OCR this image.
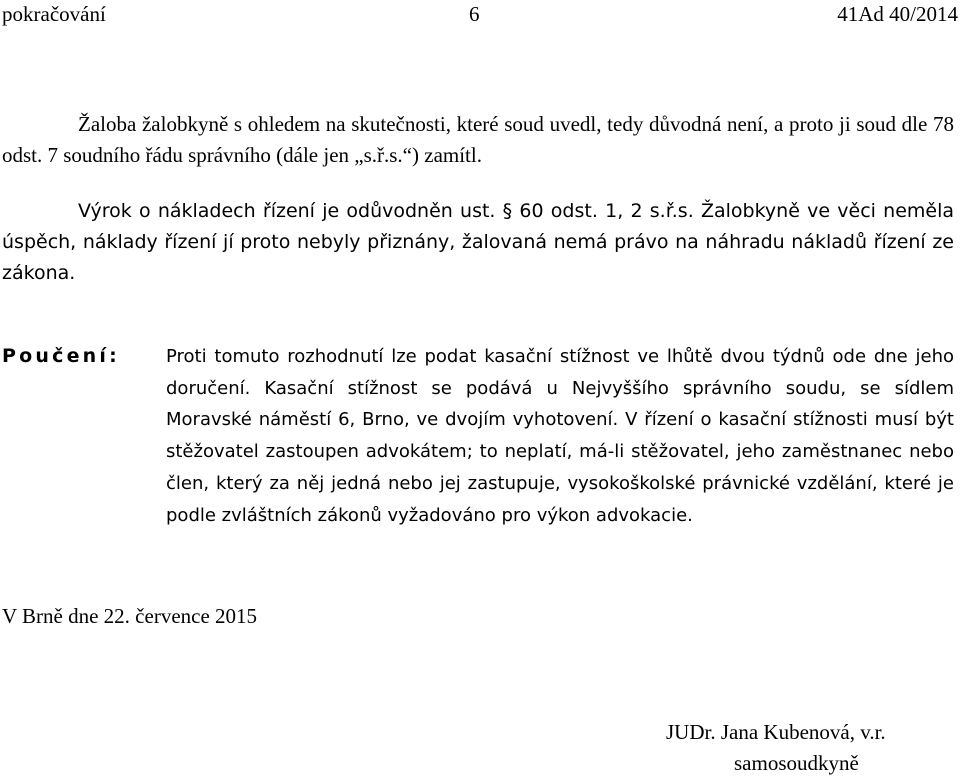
pokračování	6	41Ad 40/2014

Žaloba žalobkyně s ohledem na skutečnosti, které soud uvedl, tedy důvodná není, a proto ji soud dle 78 odst. 7 soudního řádu správního (dále jen „s.ř.s.“) zamítl.

Výrok o nákladech řízení je odůvodněn ust. § 60 odst. 1, 2 s.ř.s. Žalobkyně ve věci neměla úspěch, náklady řízení jí proto nebyly přiznány, žalovaná nemá právo na náhradu nákladů řízení ze zákona.

Poučení:	Proti tomuto rozhodnutí lze podat kasační stížnost ve lhůtě dvou týdnů ode dne jeho doručení. Kasační stížnost se podává u Nejvyššího správního soudu, se sídlem Moravské náměstí 6, Brno, ve dvojím vyhotovení. V řízení o kasační stížnosti musí být stěžovatel zastoupen advokátem; to neplatí, má-li stěžovatel, jeho zaměstnanec nebo člen, který za něj jedná nebo jej zastupuje, vysokoškolské právnické vzdělání, které je podle zvláštních zákonů vyžadováno pro výkon advokacie.

V Brně dne 22. července 2015

JUDr. Jana Kubenová, v.r.
samosoudkyně
